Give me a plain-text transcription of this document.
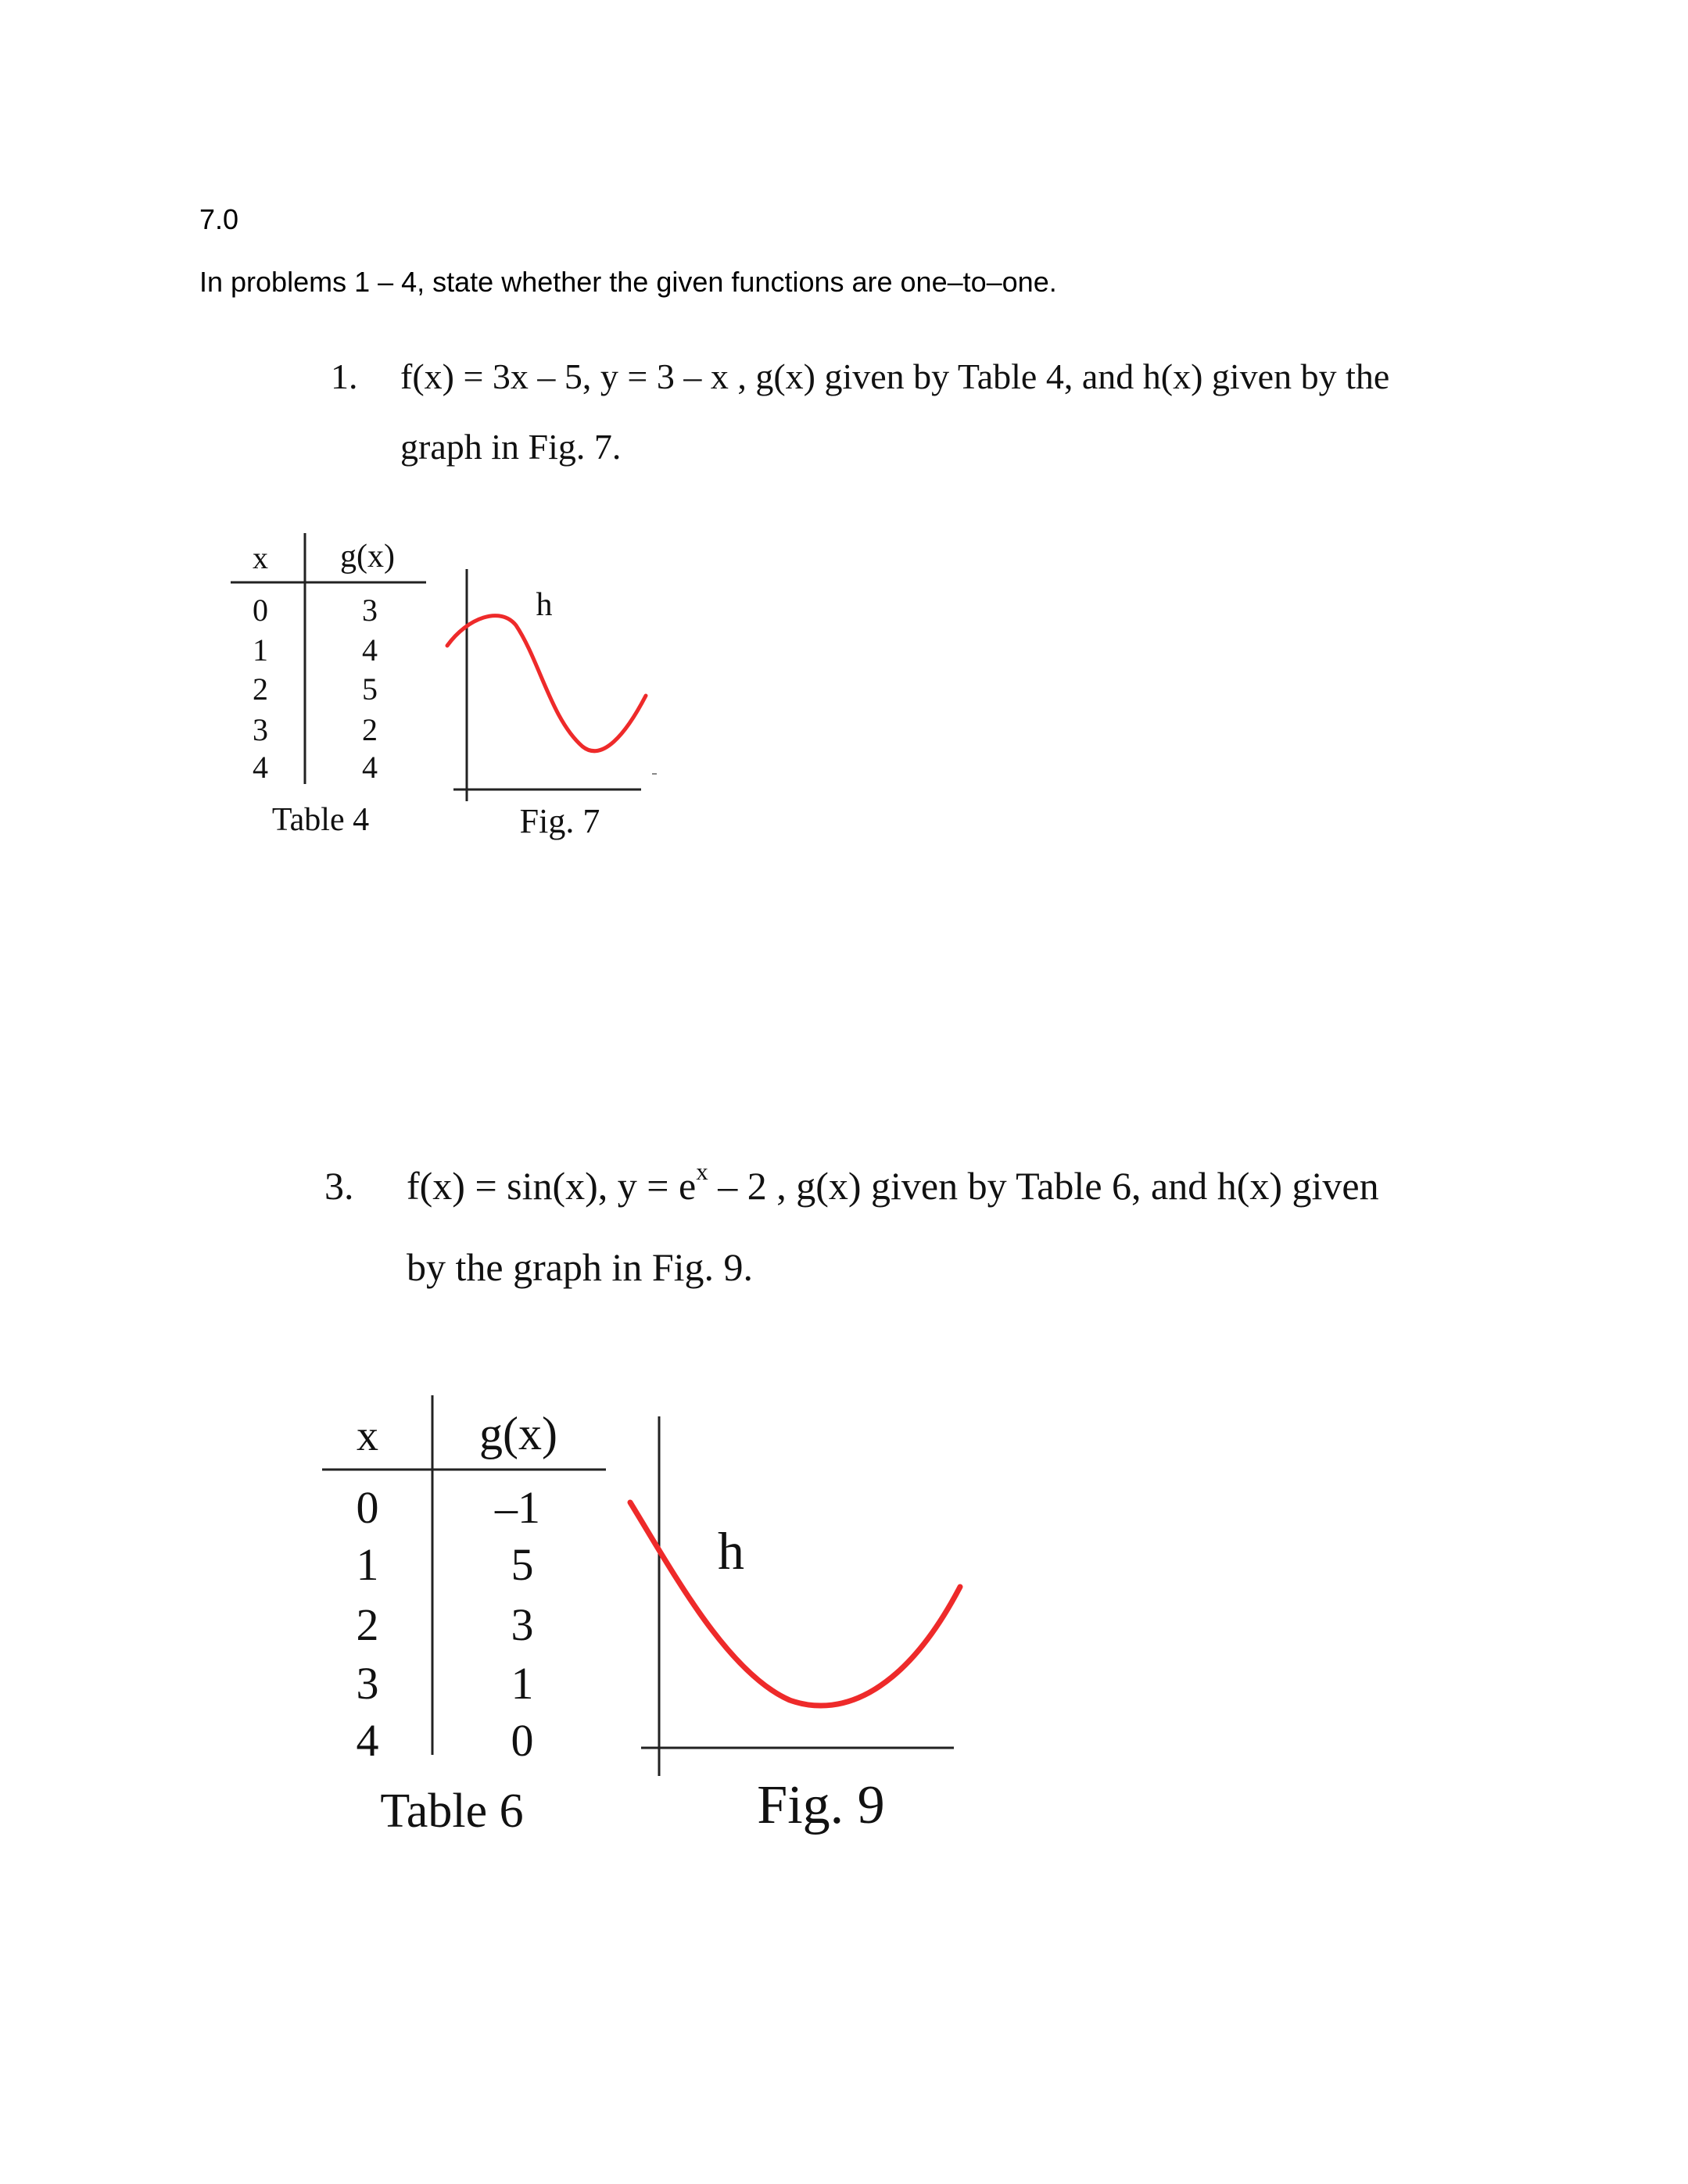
7.0
In problems 1 – 4, state whether the given functions are one–to–one.
1. f(x) = 3x – 5, y = 3 – x , g(x) given by Table 4, and h(x) given by the
graph in Fig. 7.
x g(x)
0
1
2
3
4
3
4
5
2
4
Table 4
h
Fig. 7
3. f(x) = sin(x), $y = e^x - 2$ , g(x) given by Table 6, and h(x) given
by the graph in Fig. 9.
x g(x)
0
1
2
3
4
–1
5
3
1
0
Table 6
h
Fig. 9
